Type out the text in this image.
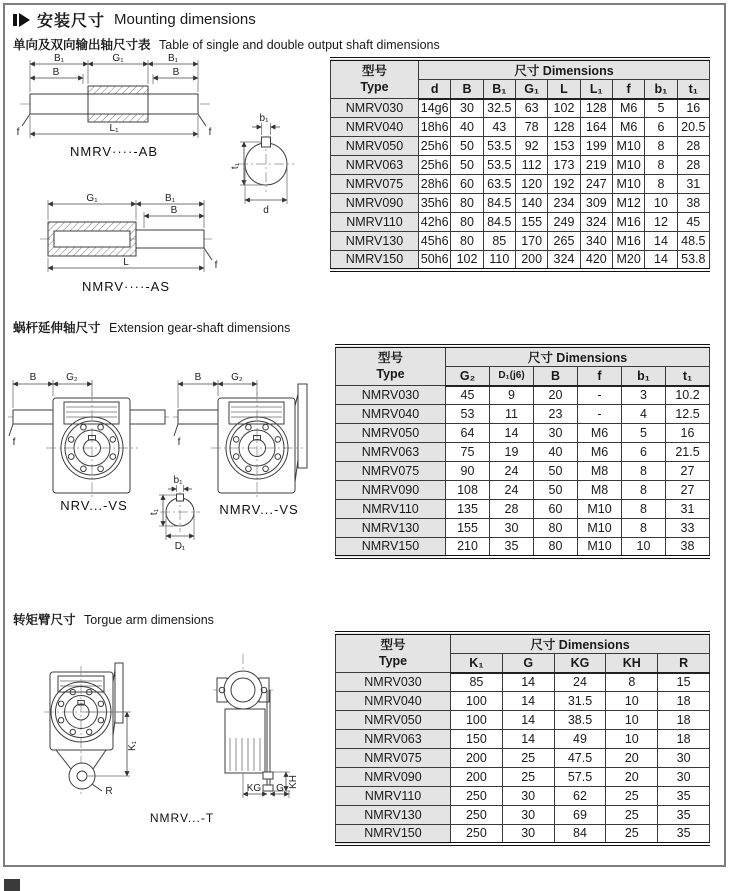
安装尺寸 Mounting dimensions
单向及双向输出轴尺寸表 Table of single and double output shaft dimensions
B₁	G₁	B₁
B	B
L₁
f	f
NMRV····-AB
b₁
t₁
d
G₁	B₁
B
L	f
NMRV····-AS
型号
Type	尺寸 Dimensions								
	d	B	B₁	G₁	L	L₁	f	b₁	t₁
NMRV030	14g6	30	32.5	63	102	128	M6	5	16
NMRV040	18h6	40	43	78	128	164	M6	6	20.5
NMRV050	25h6	50	53.5	92	153	199	M10	8	28
NMRV063	25h6	50	53.5	112	173	219	M10	8	28
NMRV075	28h6	60	63.5	120	192	247	M10	8	31
NMRV090	35h6	80	84.5	140	234	309	M12	10	38
NMRV110	42h6	80	84.5	155	249	324	M16	12	45
NMRV130	45h6	80	85	170	265	340	M16	14	48.5
NMRV150	50h6	102	110	200	324	420	M20	14	53.8
蜗杆延伸轴尺寸 Extension gear-shaft dimensions
B	G₂
f
NRV...-VS
B	G₂
f
NMRV...-VS
b₁
t₁
D₁
型号
Type	尺寸 Dimensions					
	G₂	D₁(j6)	B	f	b₁	t₁
NMRV030	45	9	20	-	3	10.2
NMRV040	53	11	23	-	4	12.5
NMRV050	64	14	30	M6	5	16
NMRV063	75	19	40	M6	6	21.5
NMRV075	90	24	50	M8	8	27
NMRV090	108	24	50	M8	8	27
NMRV110	135	28	60	M10	8	31
NMRV130	155	30	80	M10	8	33
NMRV150	210	35	80	M10	10	38
转矩臂尺寸 Torgue arm dimensions
K₁
R
KH
KG G
NMRV...-T
型号
Type	尺寸 Dimensions				
	K₁	G	KG	KH	R
NMRV030	85	14	24	8	15
NMRV040	100	14	31.5	10	18
NMRV050	100	14	38.5	10	18
NMRV063	150	14	49	10	18
NMRV075	200	25	47.5	20	30
NMRV090	200	25	57.5	20	30
NMRV110	250	30	62	25	35
NMRV130	250	30	69	25	35
NMRV150	250	30	84	25	35
